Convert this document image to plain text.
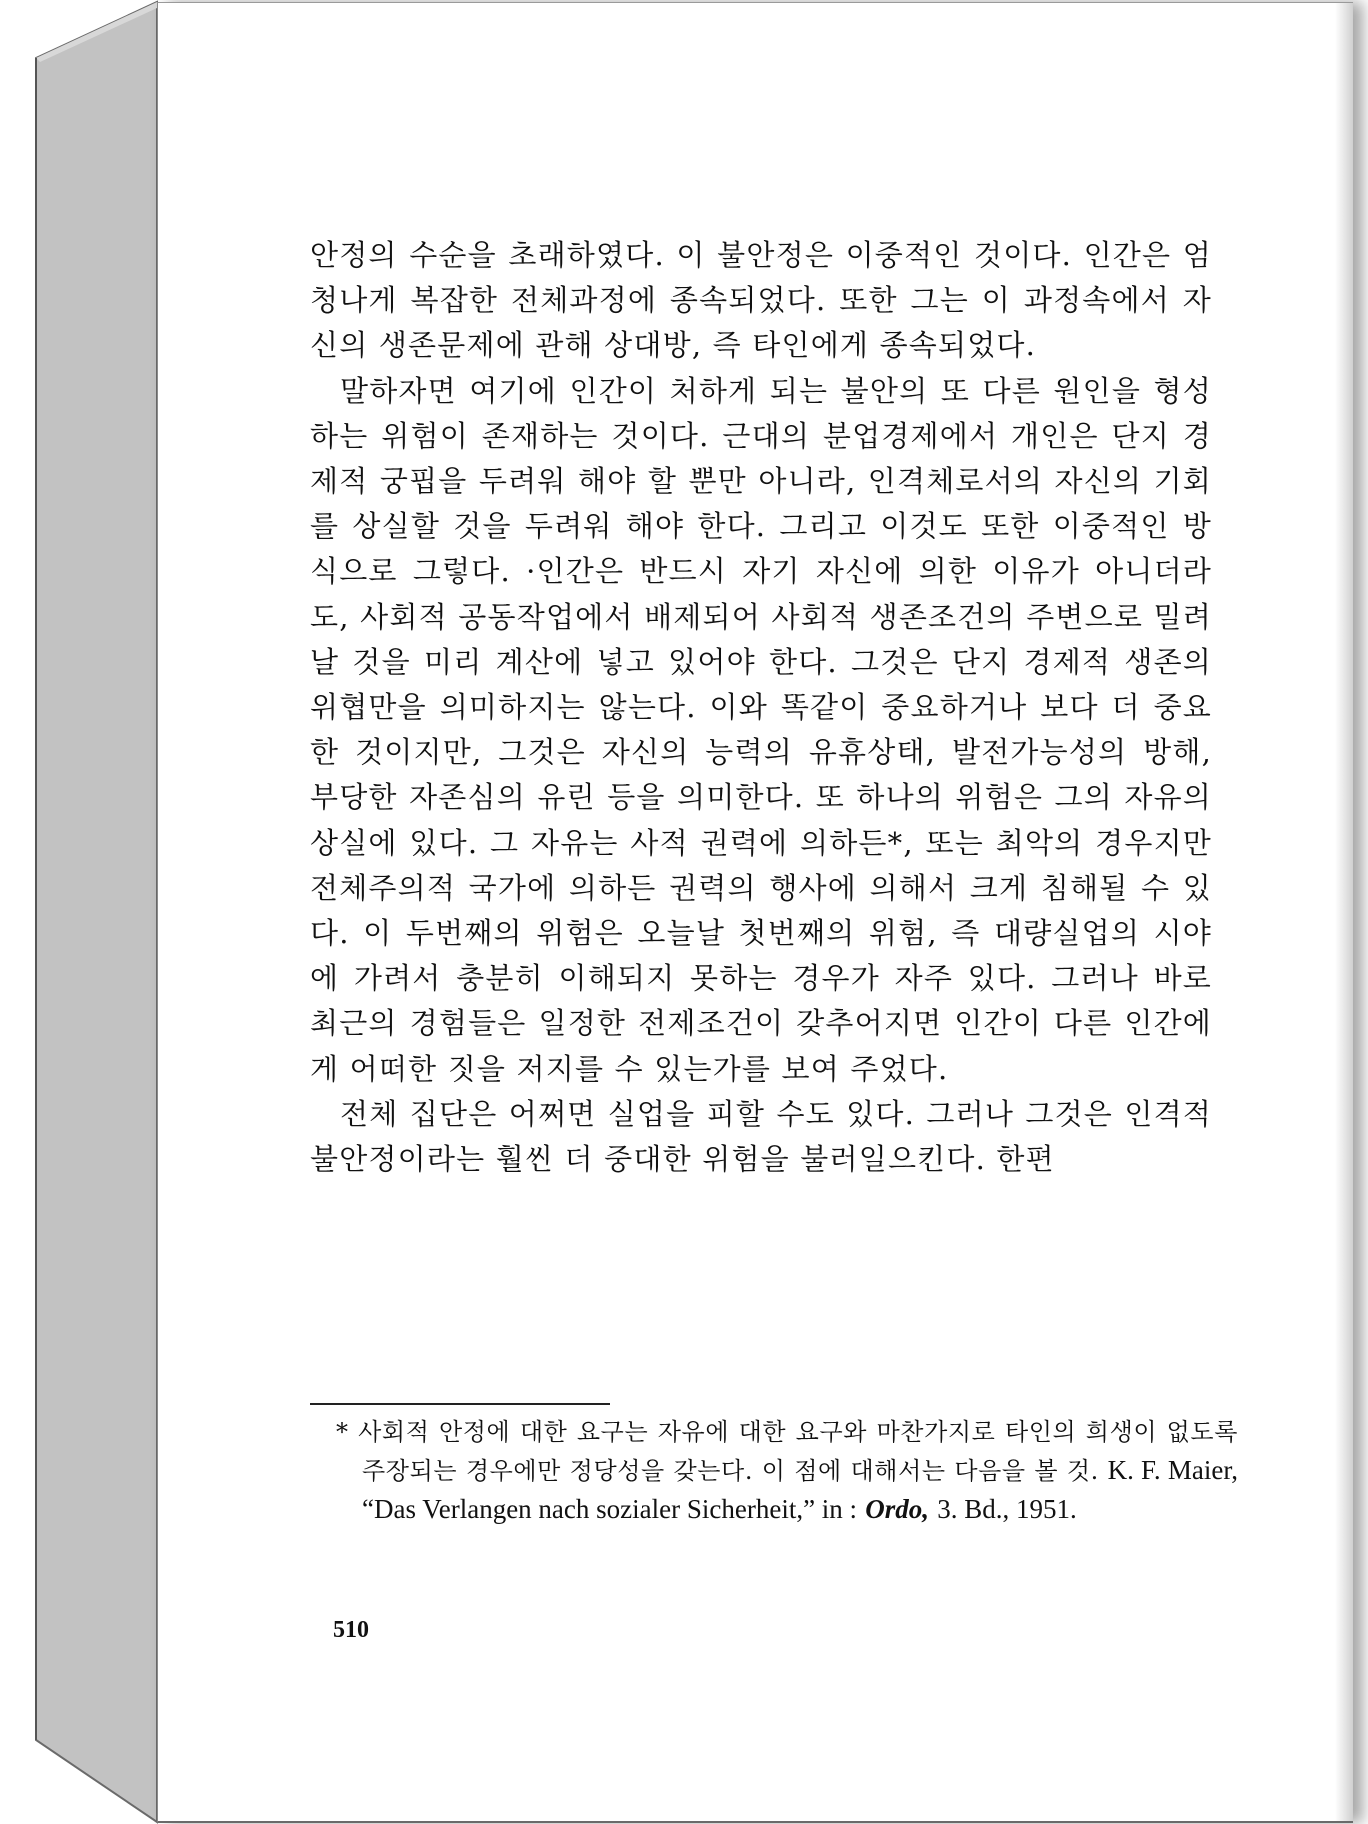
안정의 수순을 초래하였다. 이 불안정은 이중적인 것이다. 인간은 엄청나게 복잡한 전체과정에 종속되었다. 또한 그는 이 과정속에서 자신의 생존문제에 관해 상대방, 즉 타인에게 종속되었다.

말하자면 여기에 인간이 처하게 되는 불안의 또 다른 원인을 형성하는 위험이 존재하는 것이다. 근대의 분업경제에서 개인은 단지 경제적 궁핍을 두려워 해야 할 뿐만 아니라, 인격체로서의 자신의 기회를 상실할 것을 두려워 해야 한다. 그리고 이것도 또한 이중적인 방식으로 그렇다. ·인간은 반드시 자기 자신에 의한 이유가 아니더라도, 사회적 공동작업에서 배제되어 사회적 생존조건의 주변으로 밀려날 것을 미리 계산에 넣고 있어야 한다. 그것은 단지 경제적 생존의 위협만을 의미하지는 않는다. 이와 똑같이 중요하거나 보다 더 중요한 것이지만, 그것은 자신의 능력의 유휴상태, 발전가능성의 방해, 부당한 자존심의 유린 등을 의미한다. 또 하나의 위험은 그의 자유의 상실에 있다. 그 자유는 사적 권력에 의하든*, 또는 최악의 경우지만 전체주의적 국가에 의하든 권력의 행사에 의해서 크게 침해될 수 있다. 이 두번째의 위험은 오늘날 첫번째의 위험, 즉 대량실업의 시야에 가려서 충분히 이해되지 못하는 경우가 자주 있다. 그러나 바로 최근의 경험들은 일정한 전제조건이 갖추어지면 인간이 다른 인간에게 어떠한 짓을 저지를 수 있는가를 보여 주었다.

전체 집단은 어쩌면 실업을 피할 수도 있다. 그러나 그것은 인격적 불안정이라는 훨씬 더 중대한 위험을 불러일으킨다. 한편

* 사회적 안정에 대한 요구는 자유에 대한 요구와 마찬가지로 타인의 희생이 없도록 주장되는 경우에만 정당성을 갖는다. 이 점에 대해서는 다음을 볼 것. K. F. Maier, “Das Verlangen nach sozialer Sicherheit,” in : Ordo, 3. Bd., 1951.
510
